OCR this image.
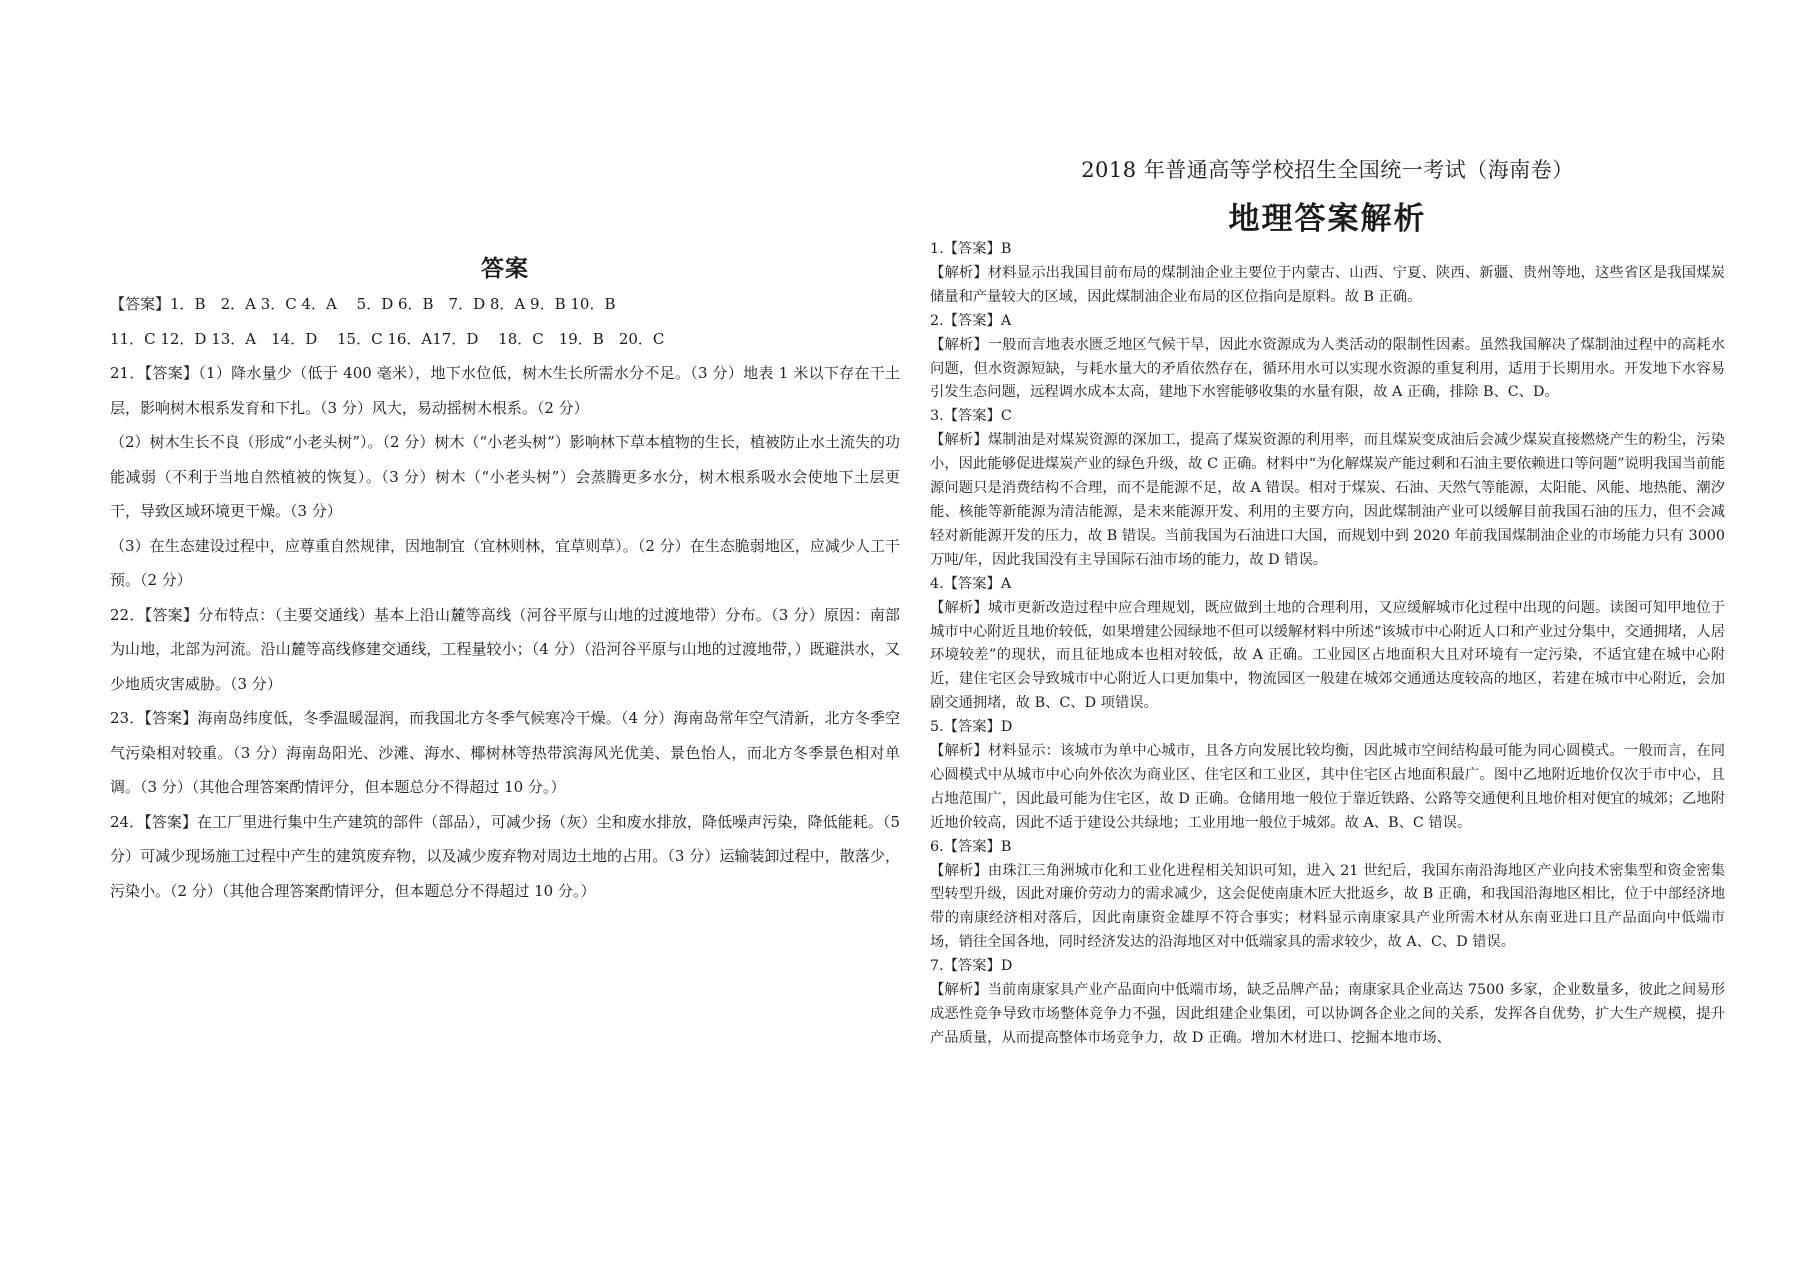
答案

【答案】1．B　2．A 3．C 4．A　 5．D 6．B　7．D 8．A 9．B 10．B

11．C 12．D 13．A　14．D　 15．C 16．A17．D　 18．C　19．B　20．C

21．【答案】（1）降水量少（低于 400 毫米），地下水位低，树木生长所需水分不足。（3 分）地表 1 米以下存在干土层，影响树木根系发育和下扎。（3 分）风大，易动摇树木根系。（2 分）

（2）树木生长不良（形成“小老头树”）。（2 分）树木（“小老头树”）影响林下草本植物的生长，植被防止水土流失的功能减弱（不利于当地自然植被的恢复）。（3 分）树木（“小老头树”）会蒸腾更多水分，树木根系吸水会使地下土层更干，导致区域环境更干燥。（3 分）

（3）在生态建设过程中，应尊重自然规律，因地制宜（宜林则林，宜草则草）。（2 分）在生态脆弱地区，应减少人工干预。（2 分）

22．【答案】分布特点：（主要交通线）基本上沿山麓等高线（河谷平原与山地的过渡地带）分布。（3 分）原因：南部为山地，北部为河流。沿山麓等高线修建交通线，工程量较小；（4 分）（沿河谷平原与山地的过渡地带，）既避洪水，又少地质灾害威胁。（3 分）

23．【答案】海南岛纬度低，冬季温暖湿润，而我国北方冬季气候寒冷干燥。（4 分）海南岛常年空气清新，北方冬季空气污染相对较重。（3 分）海南岛阳光、沙滩、海水、椰树林等热带滨海风光优美、景色怡人，而北方冬季景色相对单调。（3 分）（其他合理答案酌情评分，但本题总分不得超过 10 分。）

24．【答案】在工厂里进行集中生产建筑的部件（部品），可减少扬（灰）尘和废水排放，降低噪声污染，降低能耗。（5 分）可减少现场施工过程中产生的建筑废弃物，以及减少废弃物对周边土地的占用。（3 分）运输装卸过程中，散落少，污染小。（2 分）（其他合理答案酌情评分，但本题总分不得超过 10 分。）

2018 年普通高等学校招生全国统一考试（海南卷）
地理答案解析

1.【答案】B

【解析】材料显示出我国目前布局的煤制油企业主要位于内蒙古、山西、宁夏、陕西、新疆、贵州等地，这些省区是我国煤炭储量和产量较大的区域，因此煤制油企业布局的区位指向是原料。故 B 正确。

2.【答案】A

【解析】一般而言地表水匮乏地区气候干旱，因此水资源成为人类活动的限制性因素。虽然我国解决了煤制油过程中的高耗水问题，但水资源短缺，与耗水量大的矛盾依然存在，循环用水可以实现水资源的重复利用，适用于长期用水。开发地下水容易引发生态问题，远程调水成本太高，建地下水窖能够收集的水量有限，故 A 正确，排除 B、C、D。

3.【答案】C

【解析】煤制油是对煤炭资源的深加工，提高了煤炭资源的利用率，而且煤炭变成油后会减少煤炭直接燃烧产生的粉尘，污染小，因此能够促进煤炭产业的绿色升级，故 C 正确。材料中“为化解煤炭产能过剩和石油主要依赖进口等问题”说明我国当前能源问题只是消费结构不合理，而不是能源不足，故 A 错误。相对于煤炭、石油、天然气等能源，太阳能、风能、地热能、潮汐能、核能等新能源为清洁能源，是未来能源开发、利用的主要方向，因此煤制油产业可以缓解目前我国石油的压力，但不会减轻对新能源开发的压力，故 B 错误。当前我国为石油进口大国，而规划中到 2020 年前我国煤制油企业的市场能力只有 3000 万吨/年，因此我国没有主导国际石油市场的能力，故 D 错误。

4.【答案】A

【解析】城市更新改造过程中应合理规划，既应做到土地的合理利用，又应缓解城市化过程中出现的问题。读图可知甲地位于城市中心附近且地价较低，如果增建公园绿地不但可以缓解材料中所述“该城市中心附近人口和产业过分集中，交通拥堵，人居环境较差”的现状，而且征地成本也相对较低，故 A 正确。工业园区占地面积大且对环境有一定污染，不适宜建在城中心附近，建住宅区会导致城市中心附近人口更加集中，物流园区一般建在城郊交通通达度较高的地区，若建在城市中心附近，会加剧交通拥堵，故 B、C、D 项错误。

5.【答案】D

【解析】材料显示：该城市为单中心城市，且各方向发展比较均衡，因此城市空间结构最可能为同心圆模式。一般而言，在同心圆模式中从城市中心向外依次为商业区、住宅区和工业区，其中住宅区占地面积最广。图中乙地附近地价仅次于市中心，且占地范围广，因此最可能为住宅区，故 D 正确。仓储用地一般位于靠近铁路、公路等交通便利且地价相对便宜的城郊；乙地附近地价较高，因此不适于建设公共绿地；工业用地一般位于城郊。故 A、B、C 错误。

6.【答案】B

【解析】由珠江三角洲城市化和工业化进程相关知识可知，进入 21 世纪后，我国东南沿海地区产业向技术密集型和资金密集型转型升级，因此对廉价劳动力的需求减少，这会促使南康木匠大批返乡，故 B 正确，和我国沿海地区相比，位于中部经济地带的南康经济相对落后，因此南康资金雄厚不符合事实；材料显示南康家具产业所需木材从东南亚进口且产品面向中低端市场，销往全国各地，同时经济发达的沿海地区对中低端家具的需求较少，故 A、C、D 错误。

7.【答案】D

【解析】当前南康家具产业产品面向中低端市场，缺乏品牌产品；南康家具企业高达 7500 多家，企业数量多，彼此之间易形成恶性竞争导致市场整体竞争力不强，因此组建企业集团，可以协调各企业之间的关系，发挥各自优势，扩大生产规模，提升产品质量，从而提高整体市场竞争力，故 D 正确。增加木材进口、挖掘本地市场、
